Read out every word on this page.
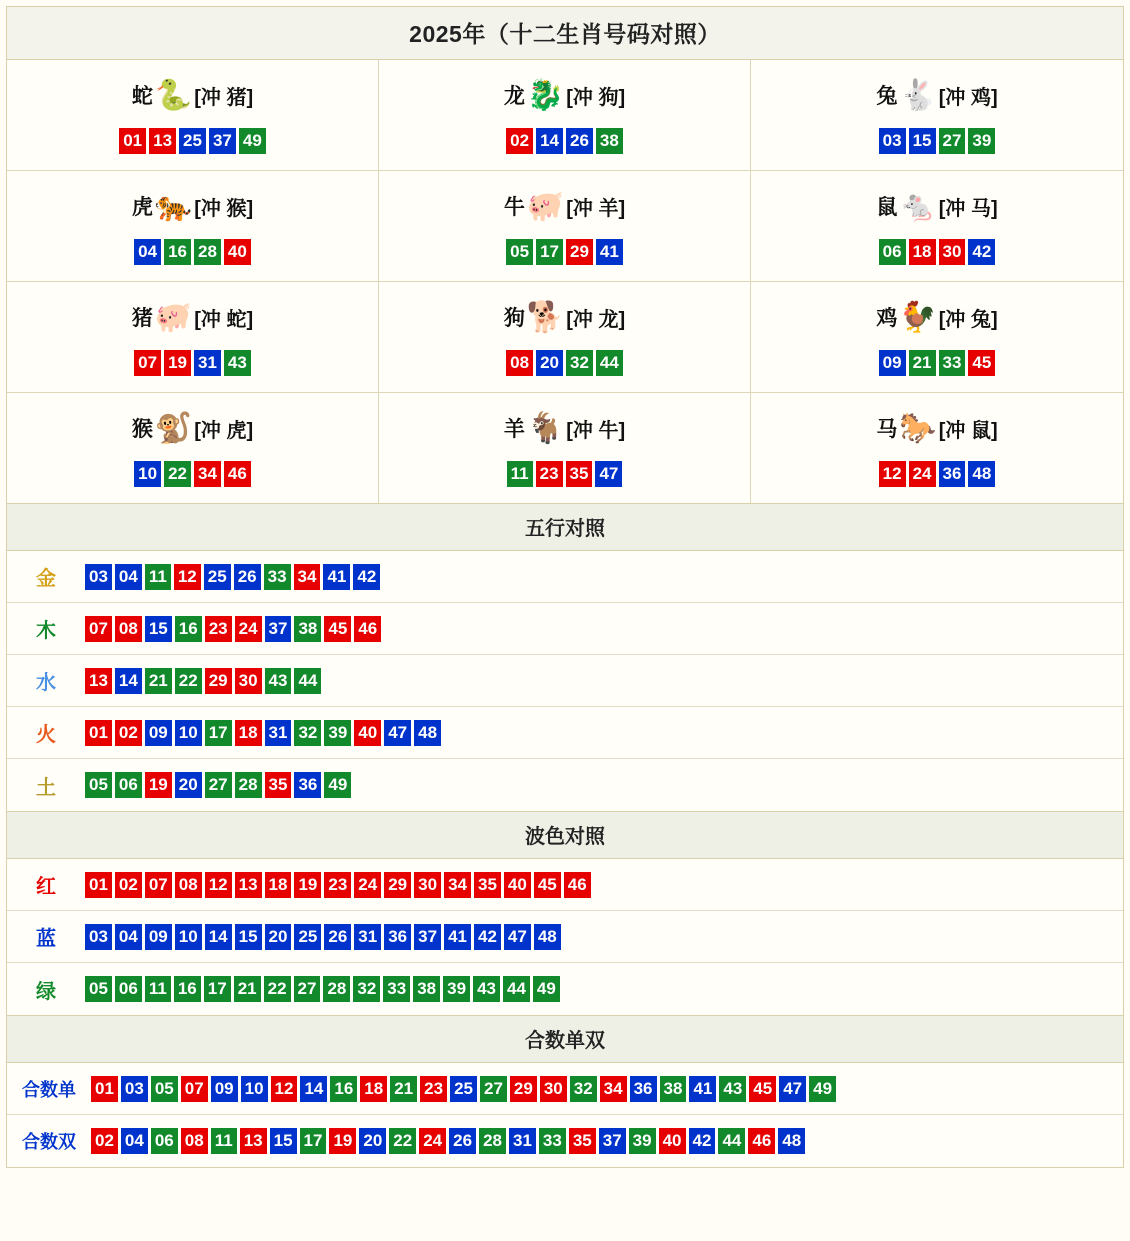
2025年（十二生肖号码对照）
蛇 🐍 [冲 猪]
01 13 25 37 49
龙 🐉 [冲 狗]
02 14 26 38
兔 🐇 [冲 鸡]
03 15 27 39
虎 🐅 [冲 猴]
04 16 28 40
牛 🐖 [冲 羊]
05 17 29 41
鼠 🐁 [冲 马]
06 18 30 42
猪 🐖 [冲 蛇]
07 19 31 43
狗 🐕 [冲 龙]
08 20 32 44
鸡 🐓 [冲 兔]
09 21 33 45
猴 🐒 [冲 虎]
10 22 34 46
羊 🐐 [冲 牛]
11 23 35 47
马 🐎 [冲 鼠]
12 24 36 48
五行对照
金	03 04 11 12 25 26 33 34 41 42
木	07 08 15 16 23 24 37 38 45 46
水	13 14 21 22 29 30 43 44
火	01 02 09 10 17 18 31 32 39 40 47 48
土	05 06 19 20 27 28 35 36 49
波色对照
红	01 02 07 08 12 13 18 19 23 24 29 30 34 35 40 45 46
蓝	03 04 09 10 14 15 20 25 26 31 36 37 41 42 47 48
绿	05 06 11 16 17 21 22 27 28 32 33 38 39 43 44 49
合数单双
合数单	01 03 05 07 09 10 12 14 16 18 21 23 25 27 29 30 32 34 36 38 41 43 45 47 49
合数双	02 04 06 08 11 13 15 17 19 20 22 24 26 28 31 33 35 37 39 40 42 44 46 48
